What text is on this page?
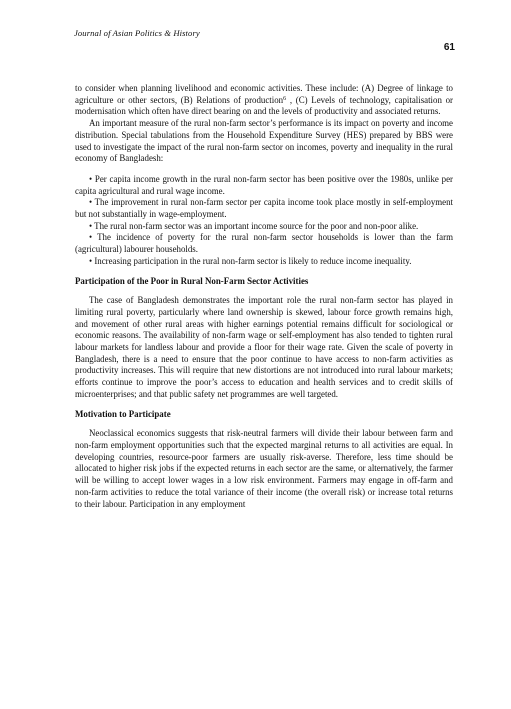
Journal of Asian Politics & History
61

to consider when planning livelihood and economic activities. These include: (A) Degree of linkage to agriculture or other sectors, (B) Relations of production$^6$ , (C) Levels of technology, capitalisation or modernisation which often have direct bearing on and the levels of productivity and associated returns.

An important measure of the rural non-farm sector’s performance is its impact on poverty and income distribution. Special tabulations from the Household Expenditure Survey (HES) prepared by BBS were used to investigate the impact of the rural non-farm sector on incomes, poverty and inequality in the rural economy of Bangladesh:

• Per capita income growth in the rural non-farm sector has been positive over the 1980s, unlike per capita agricultural and rural wage income.

• The improvement in rural non-farm sector per capita income took place mostly in self-employment but not substantially in wage-employment.

• The rural non-farm sector was an important income source for the poor and non-poor alike.

• The incidence of poverty for the rural non-farm sector households is lower than the farm (agricultural) labourer households.

• Increasing participation in the rural non-farm sector is likely to reduce income inequality.

Participation of the Poor in Rural Non-Farm Sector Activities

The case of Bangladesh demonstrates the important role the rural non-farm sector has played in limiting rural poverty, particularly where land ownership is skewed, labour force growth remains high, and movement of other rural areas with higher earnings potential remains difficult for sociological or economic reasons. The availability of non-farm wage or self-employment has also tended to tighten rural labour markets for landless labour and provide a floor for their wage rate. Given the scale of poverty in Bangladesh, there is a need to ensure that the poor continue to have access to non-farm activities as productivity increases. This will require that new distortions are not introduced into rural labour markets; efforts continue to improve the poor’s access to education and health services and to credit skills of microenterprises; and that public safety net programmes are well targeted.

Motivation to Participate

Neoclassical economics suggests that risk-neutral farmers will divide their labour between farm and non-farm employment opportunities such that the expected marginal returns to all activities are equal. In developing countries, resource-poor farmers are usually risk-averse. Therefore, less time should be allocated to higher risk jobs if the expected returns in each sector are the same, or alternatively, the farmer will be willing to accept lower wages in a low risk environment. Farmers may engage in off-farm and non-farm activities to reduce the total variance of their income (the overall risk) or increase total returns to their labour. Participation in any employment
